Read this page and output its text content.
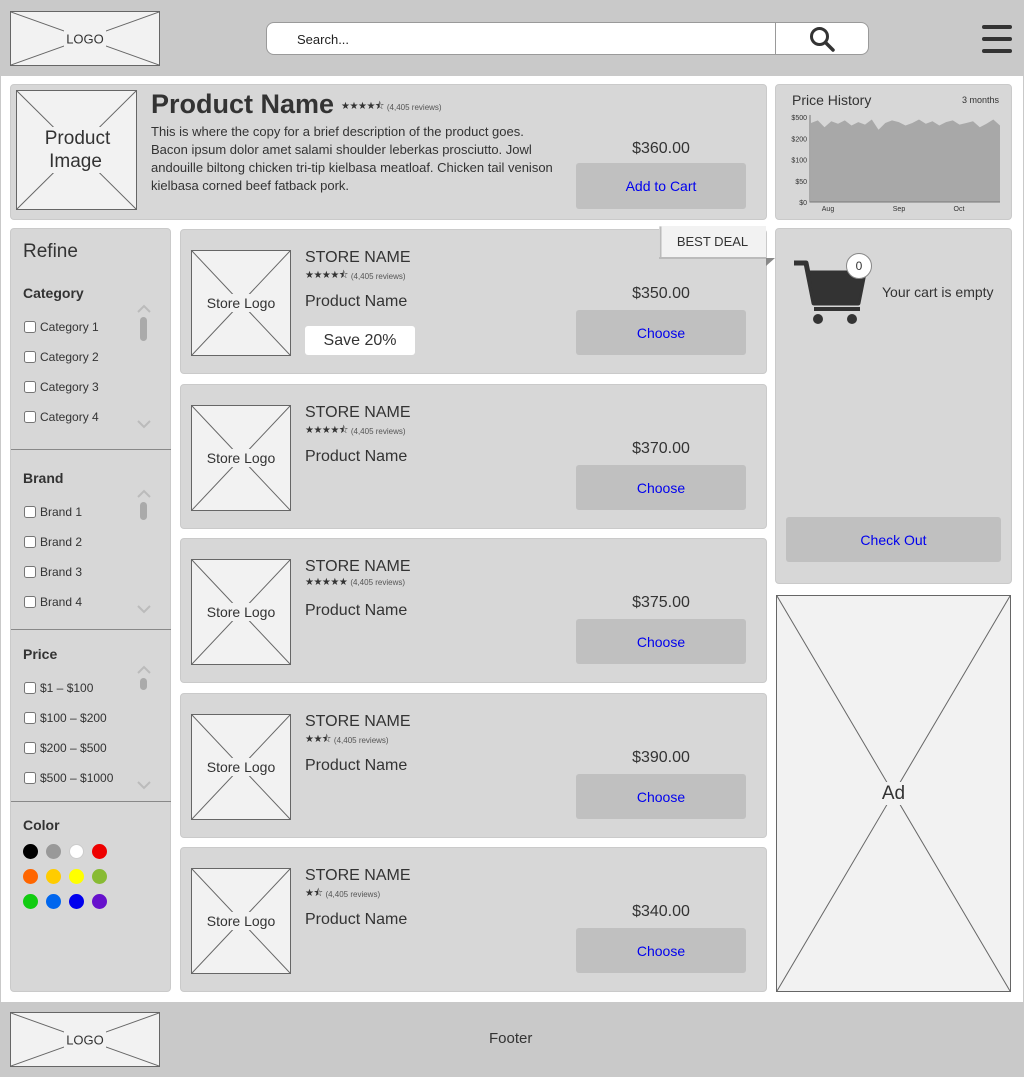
LOGO
Search...
Product Image
Product Name ★★★★⯪ (4,405 reviews)
This is where the copy for a brief description of the product goes. Bacon ipsum dolor amet salami shoulder leberkas prosciutto. Jowl andouille biltong chicken tri-tip kielbasa meatloaf. Chicken tail venison kielbasa corned beef fatback pork.
$360.00
Add to Cart
Price History	3 months
$500
$200
$100
$50
$0
Aug	Sep	Oct
Refine
Category
Category 1
Category 2
Category 3
Category 4
Brand
Brand 1
Brand 2
Brand 3
Brand 4
Price
$1 – $100
$100 – $200
$200 – $500
$500 – $1000
Color
Store Logo
STORE NAME
★★★★⯪ (4,405 reviews)
Product Name
Save 20%
$350.00
Choose
Store Logo
STORE NAME
★★★★⯪ (4,405 reviews)
Product Name	$370.00
Choose
Store Logo
STORE NAME
★★★★★ (4,405 reviews)
Product Name	$375.00
Choose
Store Logo
STORE NAME
★★⯪ (4,405 reviews)
Product Name	$390.00
Choose
Store Logo
STORE NAME
★⯪ (4,405 reviews)
Product Name	$340.00
Choose
BEST DEAL
0
Your cart is empty
Check Out
Ad
LOGO	Footer
